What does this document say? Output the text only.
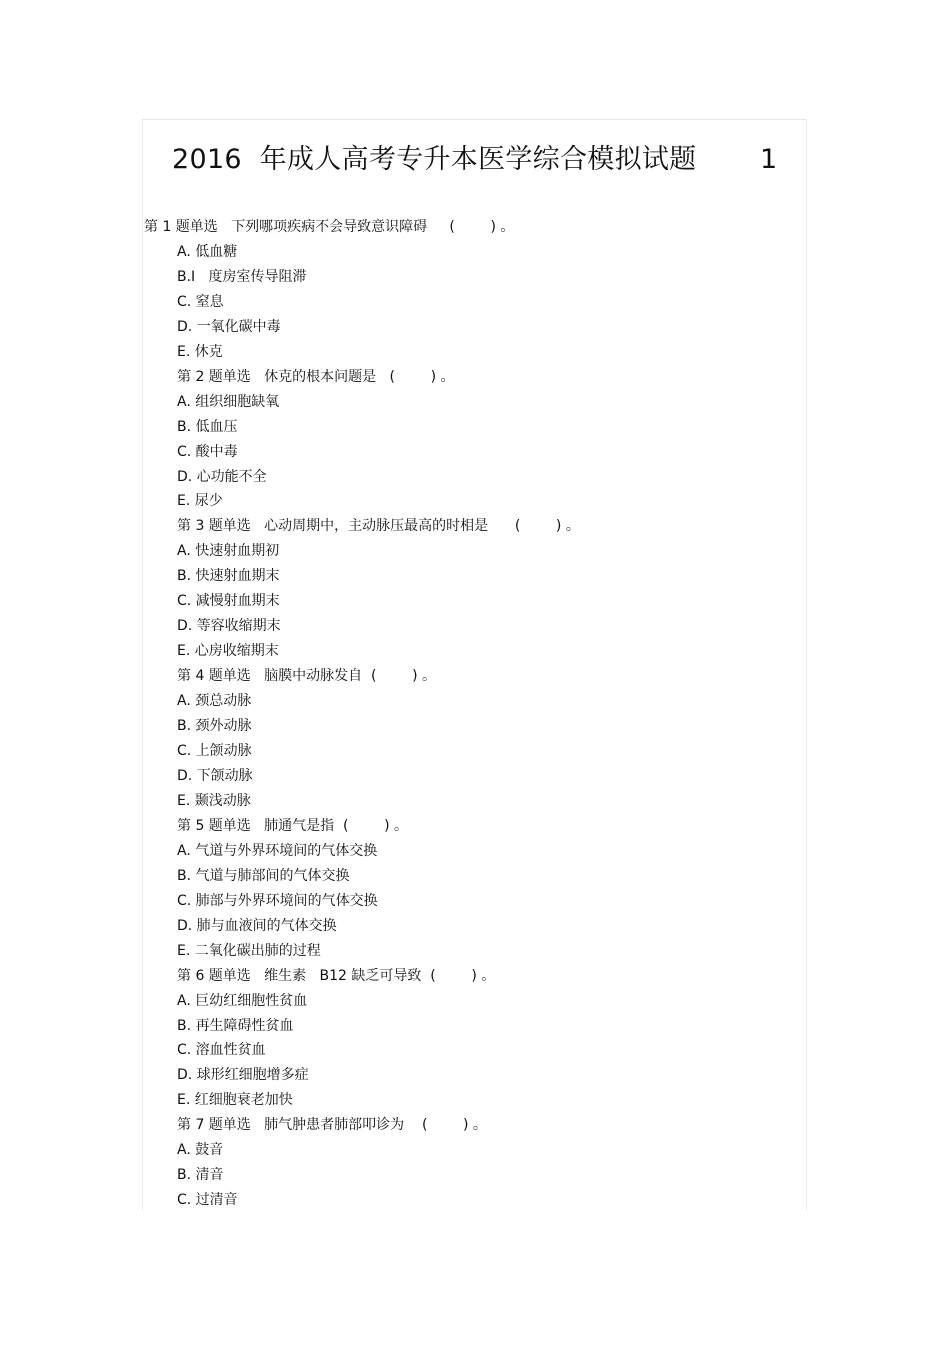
2016  年成人高考专升本医学综合模拟试题	1
第 1 题单选   下列哪项疾病不会导致意识障碍     (        ) 。
A. 低血糖
B.I   度房室传导阻滞
C. 窒息
D. 一氧化碳中毒
E. 休克
第 2 题单选   休克的根本问题是   (        ) 。
A. 组织细胞缺氧
B. 低血压
C. 酸中毒
D. 心功能不全
E. 尿少
第 3 题单选   心动周期中，主动脉压最高的时相是      (        ) 。
A. 快速射血期初
B. 快速射血期末
C. 减慢射血期末
D. 等容收缩期末
E. 心房收缩期末
第 4 题单选   脑膜中动脉发自  (        ) 。
A. 颈总动脉
B. 颈外动脉
C. 上颌动脉
D. 下颌动脉
E. 颞浅动脉
第 5 题单选   肺通气是指  (        ) 。
A. 气道与外界环境间的气体交换
B. 气道与肺部间的气体交换
C. 肺部与外界环境间的气体交换
D. 肺与血液间的气体交换
E. 二氧化碳出肺的过程
第 6 题单选   维生素   B12 缺乏可导致  (        ) 。
A. 巨幼红细胞性贫血
B. 再生障碍性贫血
C. 溶血性贫血
D. 球形红细胞增多症
E. 红细胞衰老加快
第 7 题单选   肺气肿患者肺部叩诊为    (        ) 。
A. 鼓音
B. 清音
C. 过清音
